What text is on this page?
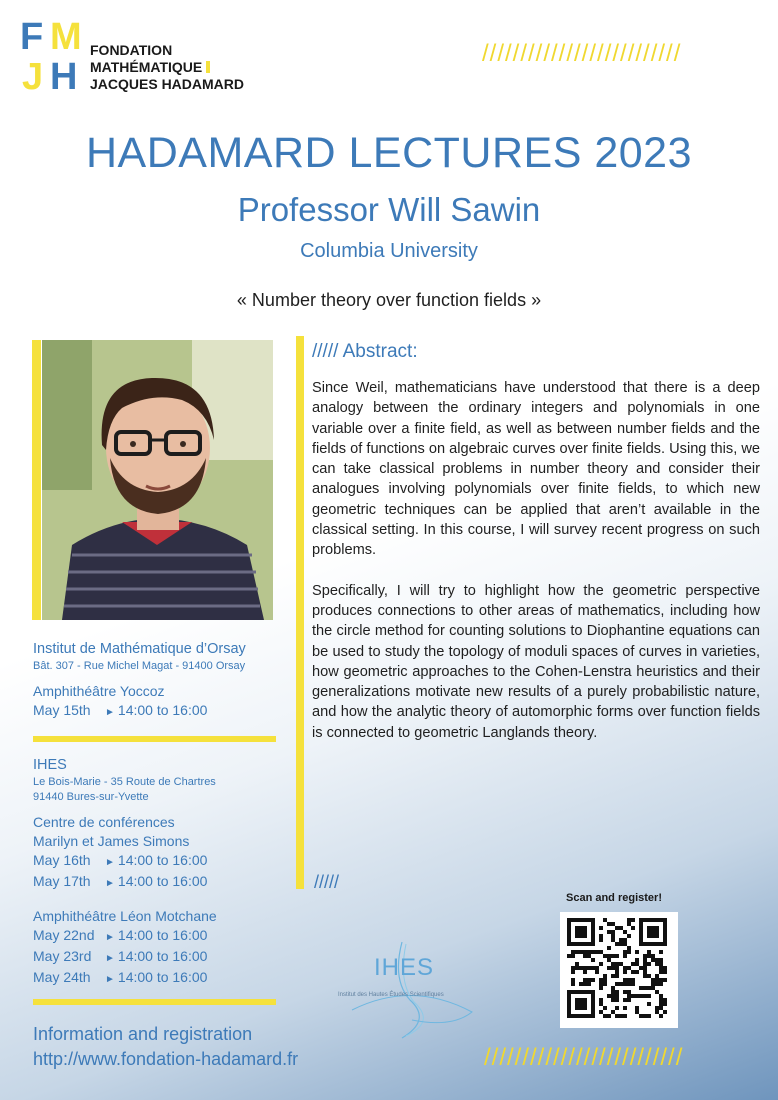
F M
J H
FONDATION
MATHÉMATIQUE
JACQUES HADAMARD
//////////////////////////
HADAMARD LECTURES 2023
Professor Will Sawin
Columbia University
« Number theory over function fields »
Institut de Mathématique d’Orsay
Bât. 307 - Rue Michel Magat - 91400 Orsay
Amphithéâtre Yoccoz
May 15th ► 14:00 to 16:00
IHES
Le Bois-Marie - 35 Route de Chartres
91440 Bures-sur-Yvette
Centre de conférences
Marilyn et James Simons
May 16th ► 14:00 to 16:00
May 17th ► 14:00 to 16:00
Amphithéâtre Léon Motchane
May 22nd ► 14:00 to 16:00
May 23rd ► 14:00 to 16:00
May 24th ► 14:00 to 16:00
Information and registration
http://www.fondation-hadamard.fr
///// Abstract:

Since Weil, mathematicians have understood that there is a deep analogy between the ordinary integers and polynomials in one variable over a finite field, as well as between number fields and the fields of functions on algebraic curves over finite fields. Using this, we can take classical problems in number theory and consider their analogues involving polynomials over finite fields, to which new geometric techniques can be applied that aren’t available in the classical setting. In this course, I will survey recent progress on such problems.

Specifically, I will try to highlight how the geometric perspective produces connections to other areas of mathematics, including how the circle method for counting solutions to Diophantine equations can be used to study the topology of moduli spaces of curves in varieties, how geometric approaches to the Cohen-Lenstra heuristics and their generalizations motivate new results of a purely probabilistic nature, and how the analytic theory of automorphic forms over function fields is connected to geometric Langlands theory.

/////
IHES
Institut des Hautes Études Scientifiques
//////////////////////////
Scan and register!
